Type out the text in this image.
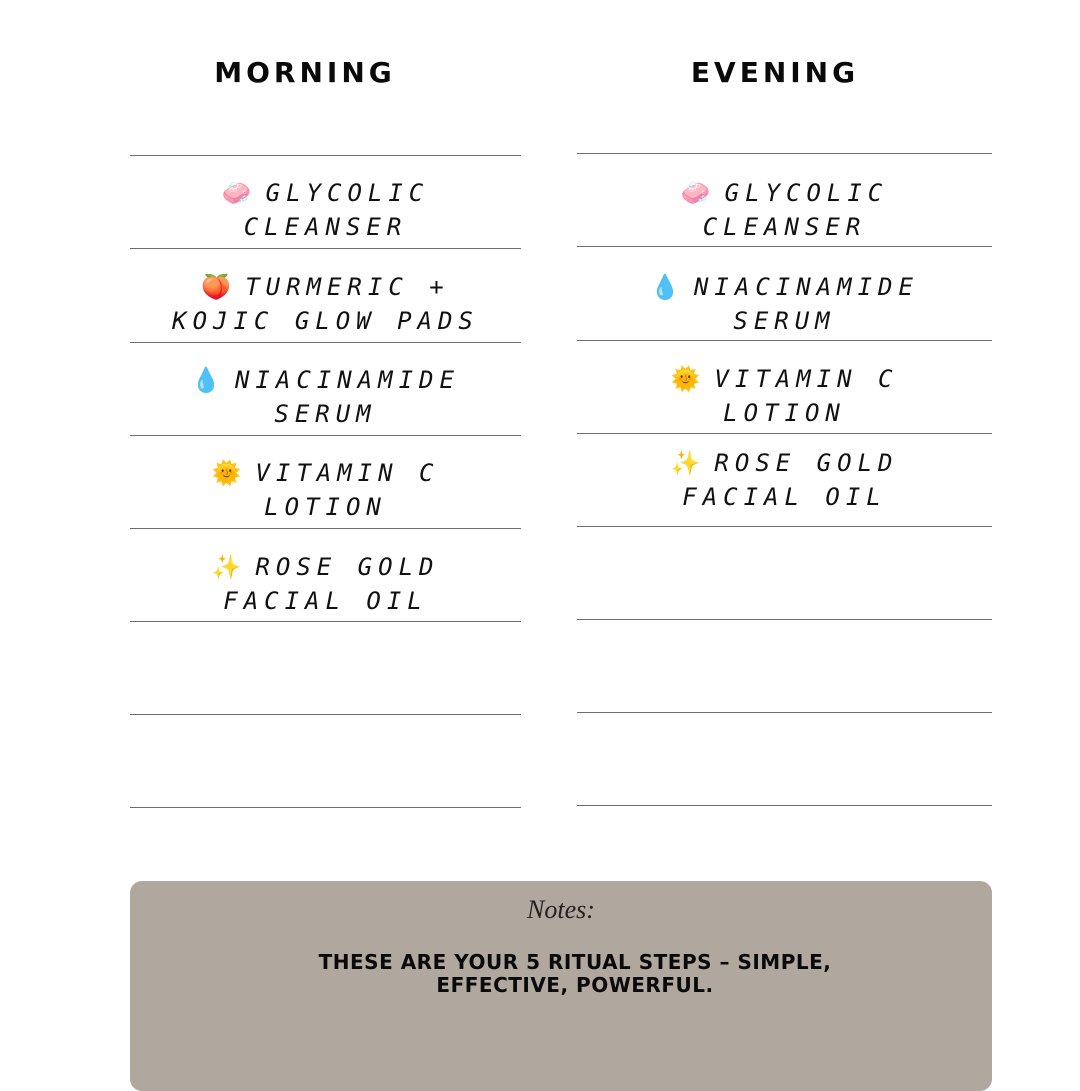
MORNING	EVENING
🧼 GLYCOLIC
CLEANSER
🍑 TURMERIC +
KOJIC GLOW PADS
💧 NIACINAMIDE
SERUM
🌞 VITAMIN C
LOTION
✨ ROSE GOLD
FACIAL OIL
🧼 GLYCOLIC
CLEANSER
💧 NIACINAMIDE
SERUM
🌞 VITAMIN C
LOTION
✨ ROSE GOLD
FACIAL OIL
Notes:
THESE ARE YOUR 5 RITUAL STEPS – SIMPLE, EFFECTIVE, POWERFUL.
